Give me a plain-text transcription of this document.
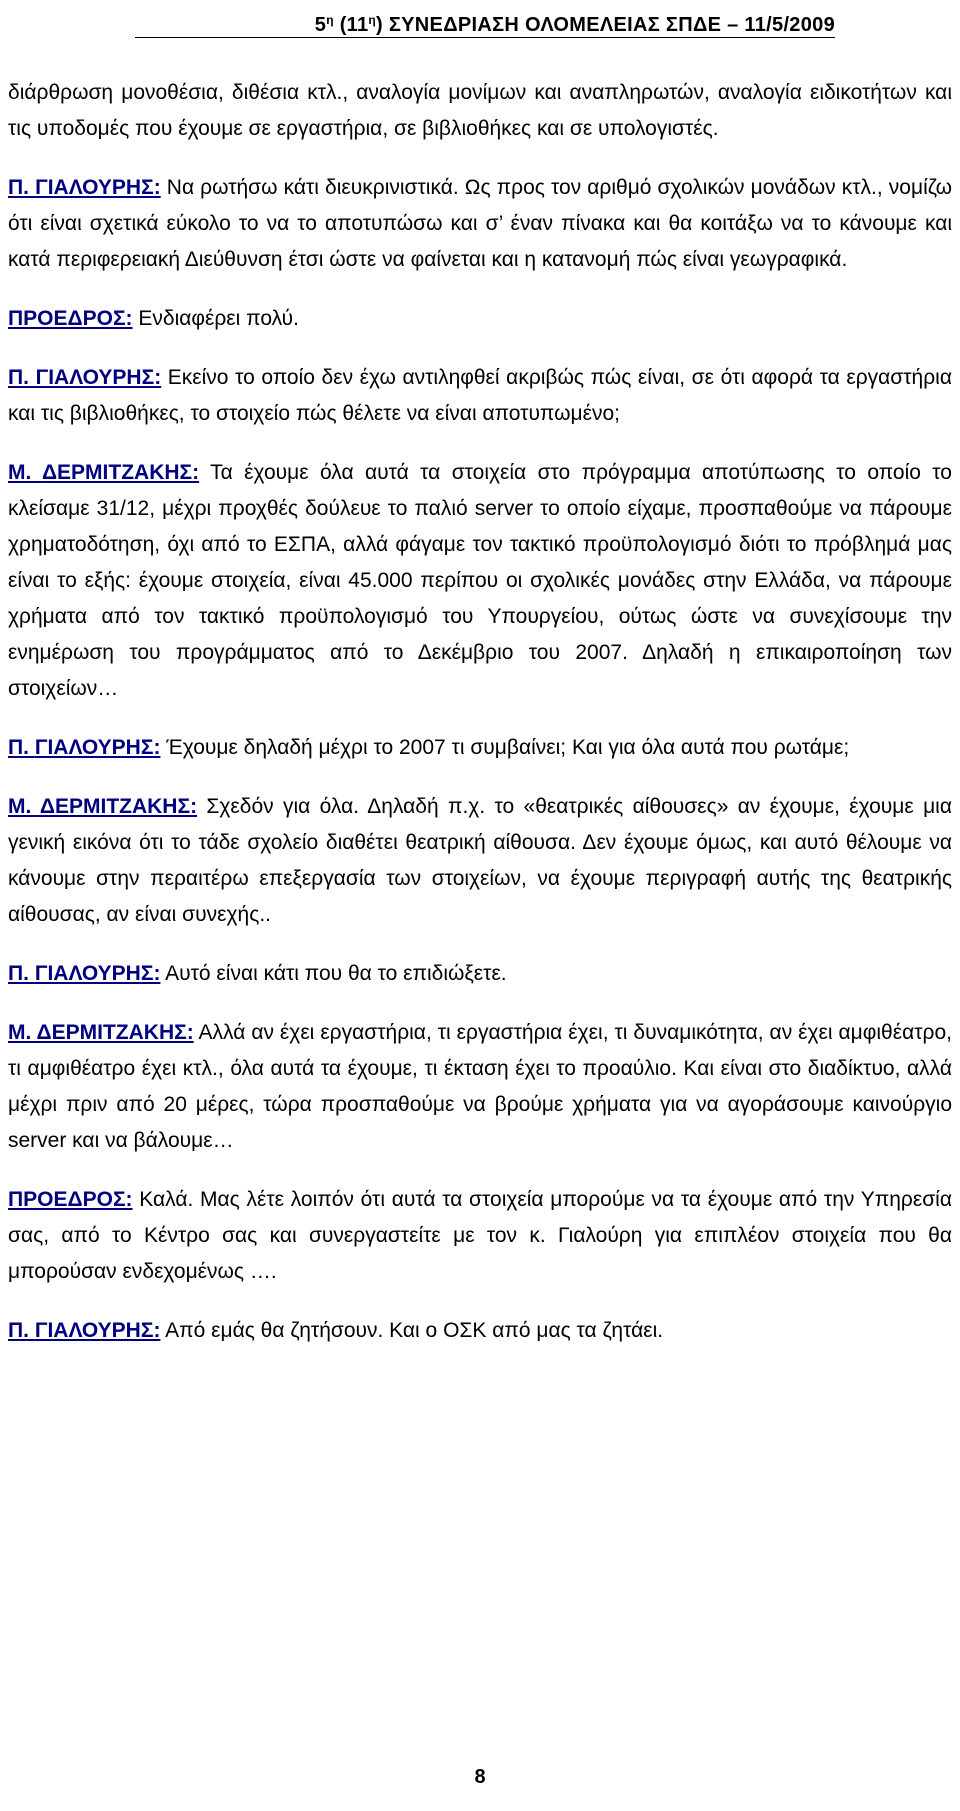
$5^\eta$ $(11^\eta)$ ΣΥΝΕΔΡΙΑΣΗ ΟΛΟΜΕΛΕΙΑΣ ΣΠΔΕ – 11/5/2009

διάρθρωση μονοθέσια, διθέσια κτλ., αναλογία μονίμων και αναπληρωτών, αναλογία ειδικοτήτων και τις υποδομές που έχουμε σε εργαστήρια, σε βιβλιοθήκες και σε υπολογιστές.

Π. ΓΙΑΛΟΥΡΗΣ: Να ρωτήσω κάτι διευκρινιστικά. Ως προς τον αριθμό σχολικών μονάδων κτλ., νομίζω ότι είναι σχετικά εύκολο το να το αποτυπώσω και σ’ έναν πίνακα και θα κοιτάξω να το κάνουμε και κατά περιφερειακή Διεύθυνση έτσι ώστε να φαίνεται και η κατανομή πώς είναι γεωγραφικά.

ΠΡΟΕΔΡΟΣ: Ενδιαφέρει πολύ.

Π. ΓΙΑΛΟΥΡΗΣ: Εκείνο το οποίο δεν έχω αντιληφθεί ακριβώς πώς είναι, σε ότι αφορά τα εργαστήρια και τις βιβλιοθήκες, το στοιχείο πώς θέλετε να είναι αποτυπωμένο;

Μ. ΔΕΡΜΙΤΖΑΚΗΣ: Τα έχουμε όλα αυτά τα στοιχεία στο πρόγραμμα αποτύπωσης το οποίο το κλείσαμε 31/12, μέχρι προχθές δούλευε το παλιό server το οποίο είχαμε, προσπαθούμε να πάρουμε χρηματοδότηση, όχι από το ΕΣΠΑ, αλλά φάγαμε τον τακτικό προϋπολογισμό διότι το πρόβλημά μας είναι το εξής: έχουμε στοιχεία, είναι 45.000 περίπου οι σχολικές μονάδες στην Ελλάδα, να πάρουμε χρήματα από τον τακτικό προϋπολογισμό του Υπουργείου, ούτως ώστε να συνεχίσουμε την ενημέρωση του προγράμματος από το Δεκέμβριο του 2007. Δηλαδή η επικαιροποίηση των στοιχείων…

Π. ΓΙΑΛΟΥΡΗΣ: Έχουμε δηλαδή μέχρι το 2007 τι συμβαίνει; Και για όλα αυτά που ρωτάμε;

Μ. ΔΕΡΜΙΤΖΑΚΗΣ: Σχεδόν για όλα. Δηλαδή π.χ. το «θεατρικές αίθουσες» αν έχουμε, έχουμε μια γενική εικόνα ότι το τάδε σχολείο διαθέτει θεατρική αίθουσα. Δεν έχουμε όμως, και αυτό θέλουμε να κάνουμε στην περαιτέρω επεξεργασία των στοιχείων, να έχουμε περιγραφή αυτής της θεατρικής αίθουσας, αν είναι συνεχής..

Π. ΓΙΑΛΟΥΡΗΣ: Αυτό είναι κάτι που θα το επιδιώξετε.

Μ. ΔΕΡΜΙΤΖΑΚΗΣ: Αλλά αν έχει εργαστήρια, τι εργαστήρια έχει, τι δυναμικότητα, αν έχει αμφιθέατρο, τι αμφιθέατρο έχει κτλ., όλα αυτά τα έχουμε, τι έκταση έχει το προαύλιο. Και είναι στο διαδίκτυο, αλλά μέχρι πριν από 20 μέρες, τώρα προσπαθούμε να βρούμε χρήματα για να αγοράσουμε καινούργιο server και να βάλουμε…

ΠΡΟΕΔΡΟΣ: Καλά. Μας λέτε λοιπόν ότι αυτά τα στοιχεία μπορούμε να τα έχουμε από την Υπηρεσία σας, από το Κέντρο σας και συνεργαστείτε με τον κ. Γιαλούρη για επιπλέον στοιχεία που θα μπορούσαν ενδεχομένως ….

Π. ΓΙΑΛΟΥΡΗΣ: Από εμάς θα ζητήσουν. Και ο ΟΣΚ από μας τα ζητάει.

8
